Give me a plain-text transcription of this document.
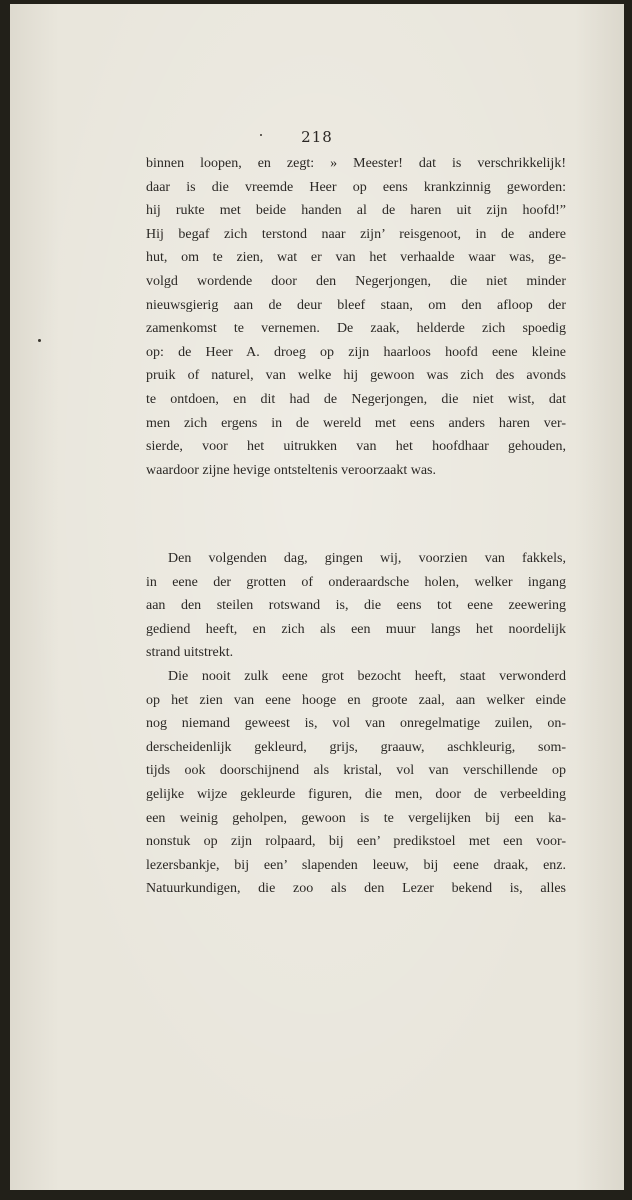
218
binnen loopen, en zegt: » Meester! dat is verschrikkelijk!
daar is die vreemde Heer op eens krankzinnig geworden:
hij rukte met beide handen al de haren uit zijn hoofd!”
Hij begaf zich terstond naar zijn’ reisgenoot, in de andere
hut, om te zien, wat er van het verhaalde waar was, ge-
volgd wordende door den Negerjongen, die niet minder
nieuwsgierig aan de deur bleef staan, om den afloop der
zamenkomst te vernemen. De zaak, helderde zich spoedig
op: de Heer A. droeg op zijn haarloos hoofd eene kleine
pruik of naturel, van welke hij gewoon was zich des avonds
te ontdoen, en dit had de Negerjongen, die niet wist, dat
men zich ergens in de wereld met eens anders haren ver-
sierde, voor het uitrukken van het hoofdhaar gehouden,
waardoor zijne hevige ontsteltenis veroorzaakt was.
Den volgenden dag, gingen wij, voorzien van fakkels,
in eene der grotten of onderaardsche holen, welker ingang
aan den steilen rotswand is, die eens tot eene zeewering
gediend heeft, en zich als een muur langs het noordelijk
strand uitstrekt.
Die nooit zulk eene grot bezocht heeft, staat verwonderd
op het zien van eene hooge en groote zaal, aan welker einde
nog niemand geweest is, vol van onregelmatige zuilen, on-
derscheidenlijk gekleurd, grijs, graauw, aschkleurig, som-
tijds ook doorschijnend als kristal, vol van verschillende op
gelijke wijze gekleurde figuren, die men, door de verbeelding
een weinig geholpen, gewoon is te vergelijken bij een ka-
nonstuk op zijn rolpaard, bij een’ predikstoel met een voor-
lezersbankje, bij een’ slapenden leeuw, bij eene draak, enz.
Natuurkundigen, die zoo als den Lezer bekend is, alles
